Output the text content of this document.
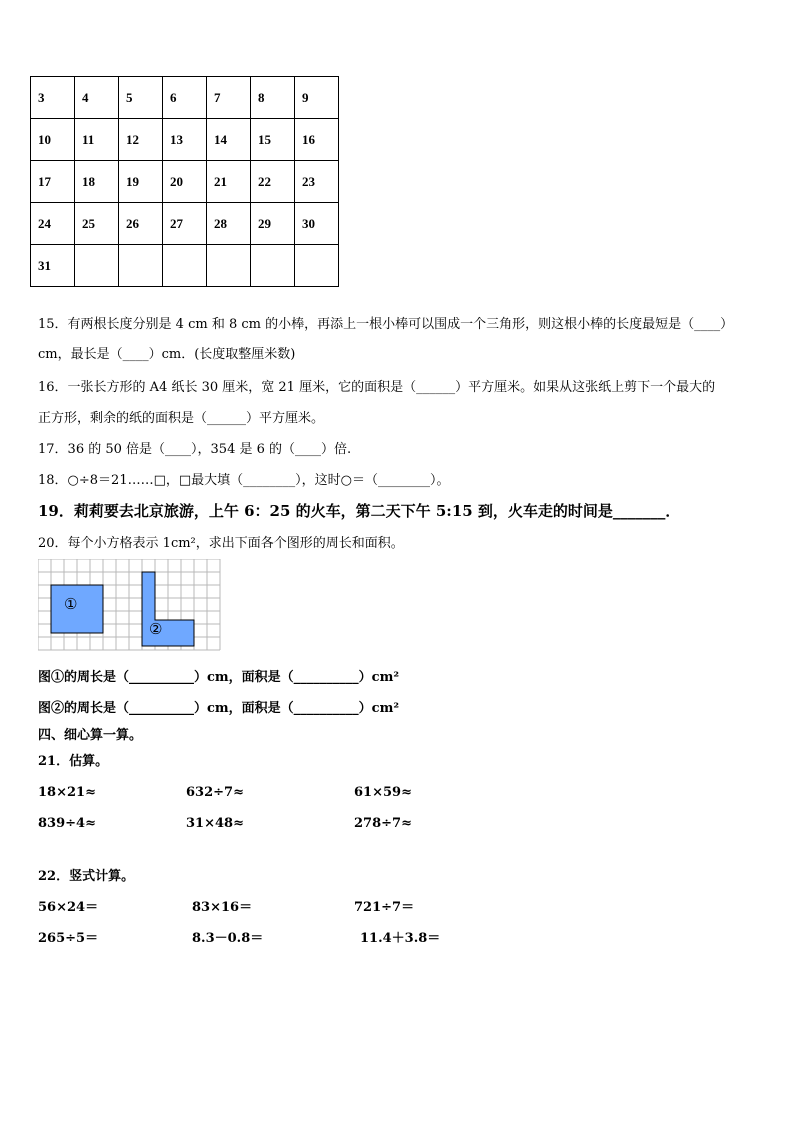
3	4	5	6	7	8	9
10	11	12	13	14	15	16
17	18	19	20	21	22	23
24	25	26	27	28	29	30
31						
15．有两根长度分别是 4 cm 和 8 cm 的小棒，再添上一根小棒可以围成一个三角形，则这根小棒的长度最短是（____）
cm，最长是（____）cm．(长度取整厘米数)
16．一张长方形的 A4 纸长 30 厘米，宽 21 厘米，它的面积是（______）平方厘米。如果从这张纸上剪下一个最大的
正方形，剩余的纸的面积是（______）平方厘米。
17．36 的 50 倍是（____），354 是 6 的（____）倍.
18．○÷8＝21……□，□最大填（________），这时○＝（________）。
19．莉莉要去北京旅游，上午 6：25 的火车，第二天下午 5:15 到，火车走的时间是_______．
20．每个小方格表示 1cm²，求出下面各个图形的周长和面积。
①
②
图①的周长是（__________）cm，面积是（__________）cm²
图②的周长是（__________）cm，面积是（__________）cm²
四、细心算一算。
21．估算。
18×21≈	632÷7≈	61×59≈
839÷4≈	31×48≈	278÷7≈
22．竖式计算。
56×24＝	83×16＝	721÷7＝
265÷5＝	8.3－0.8＝	11.4＋3.8＝
